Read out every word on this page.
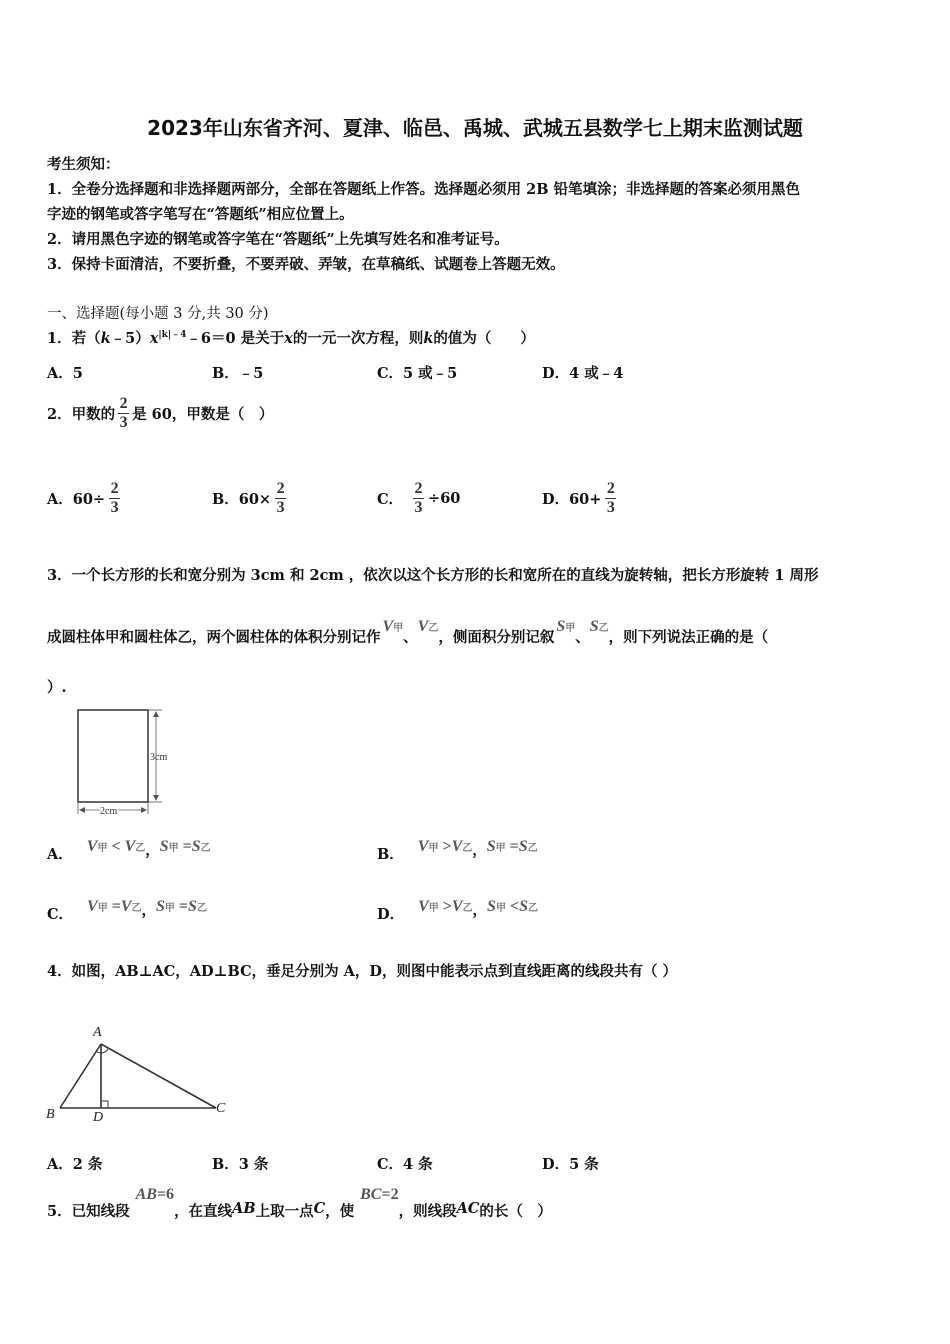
2023年山东省齐河、夏津、临邑、禹城、武城五县数学七上期末监测试题
考生须知：
1．全卷分选择题和非选择题两部分，全部在答题纸上作答。选择题必须用 2B 铅笔填涂；非选择题的答案必须用黑色
字迹的钢笔或答字笔写在“答题纸”相应位置上。
2．请用黑色字迹的钢笔或答字笔在“答题纸”上先填写姓名和准考证号。
3．保持卡面清洁，不要折叠，不要弄破、弄皱，在草稿纸、试题卷上答题无效。
一、选择题(每小题 3 分,共 30 分)
1．若$(k﹣5)x^{|k|﹣4}﹣6=0$ 是关于x的一元一次方程，则k的值为（　　）
A．5	B．﹣5	C．5 或﹣5	D．4 或﹣4
2．甲数的 $\frac{2}{3}$ 是 60，甲数是（　）
A．$60\div \frac{2}{3}$	B．$60\times \frac{2}{3}$	C． $\frac{2}{3} \div 60$	D．$60+ \frac{2}{3}$
3．一个长方形的长和宽分别为 3cm 和 2cm ，依次以这个长方形的长和宽所在的直线为旋转轴，把长方形旋转 1 周形
成圆柱体甲和圆柱体乙，两个圆柱体的体积分别记作
V甲
、
V乙
，侧面积分别记叙
S甲
、
S乙
，则下列说法正确的是（
）.
3cm
2cm
A． V甲 < V乙 ， S甲 =S乙	B． V甲 >V乙 ， S甲 =S乙
C． V甲 =V乙 ， S甲 =S乙	D． V甲 >V乙 ， S甲 <S乙
4．如图，AB⊥AC，AD⊥BC，垂足分别为 A，D，则图中能表示点到直线距离的线段共有（ ）
A
B	C
D
A．2 条	B．3 条	C．4 条	D．5 条
5．已知线段
AB=6
，在直线 AB 上取一点 C ，使
BC=2
，则线段 AC 的长（　）
